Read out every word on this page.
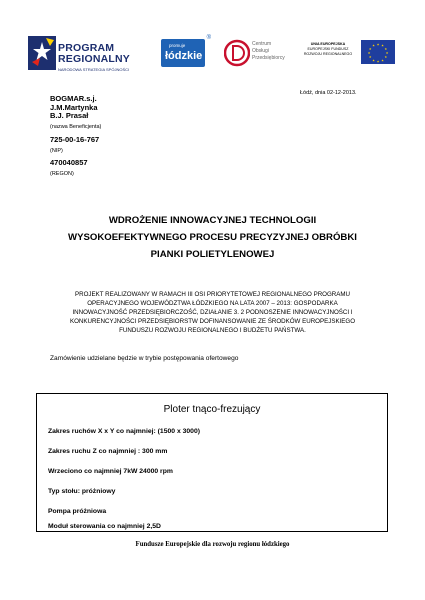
PROGRAM
REGIONALNY
NARODOWA STRATEGIA SPÓJNOŚCI
promuje
łódzkie
®
Centrum
Obsługi
Przedsiębiorcy
UNIA EUROPEJSKA
EUROPEJSKI FUNDUSZ
ROZWOJU REGIONALNEGO
★ ★
★
★
★
★
★
★
★
★
★
★
Łódź, dnia 02-12-2013.
BOGMAR.s.j.
J.M.Martynka
B.J. Prasał
(nazwa Beneficjenta)
725-00-16-767
(NIP)
470040857
(REGON)
WDROŻENIE INNOWACYJNEJ TECHNOLOGII
WYSOKOEFEKTYWNEGO PROCESU PRECYZYJNEJ OBRÓBKI
PIANKI POLIETYLENOWEJ
PROJEKT REALIZOWANY W RAMACH III OSI PRIORYTETOWEJ REGIONALNEGO PROGRAMU
OPERACYJNEGO WOJEWÓDZTWA ŁÓDZKIEGO NA LATA 2007 – 2013: GOSPODARKA
INNOWACYJNOŚĆ PRZEDSIĘBIORCZOŚĆ, DZIAŁANIE 3. 2 PODNOSZENIE INNOWACYJNOŚCI I
KONKURENCYJNOŚCI PRZEDSIĘBIORSTW DOFINANSOWANIE ZE ŚRODKÓW EUROPEJSKIEGO
FUNDUSZU ROZWOJU REGIONALNEGO I BUDŻETU PAŃSTWA.
Zamówienie udzielane będzie w trybie postępowania ofertowego
Ploter tnąco-frezujący
Zakres ruchów X x Y co najmniej: (1500 x 3000)
Zakres ruchu Z co najmniej : 300 mm
Wrzeciono co najmniej 7kW 24000 rpm
Typ stołu: próżniowy
Pompa próżniowa
Moduł sterowania co najmniej 2,5D
Fundusze Europejskie dla rozwoju regionu łódzkiego
